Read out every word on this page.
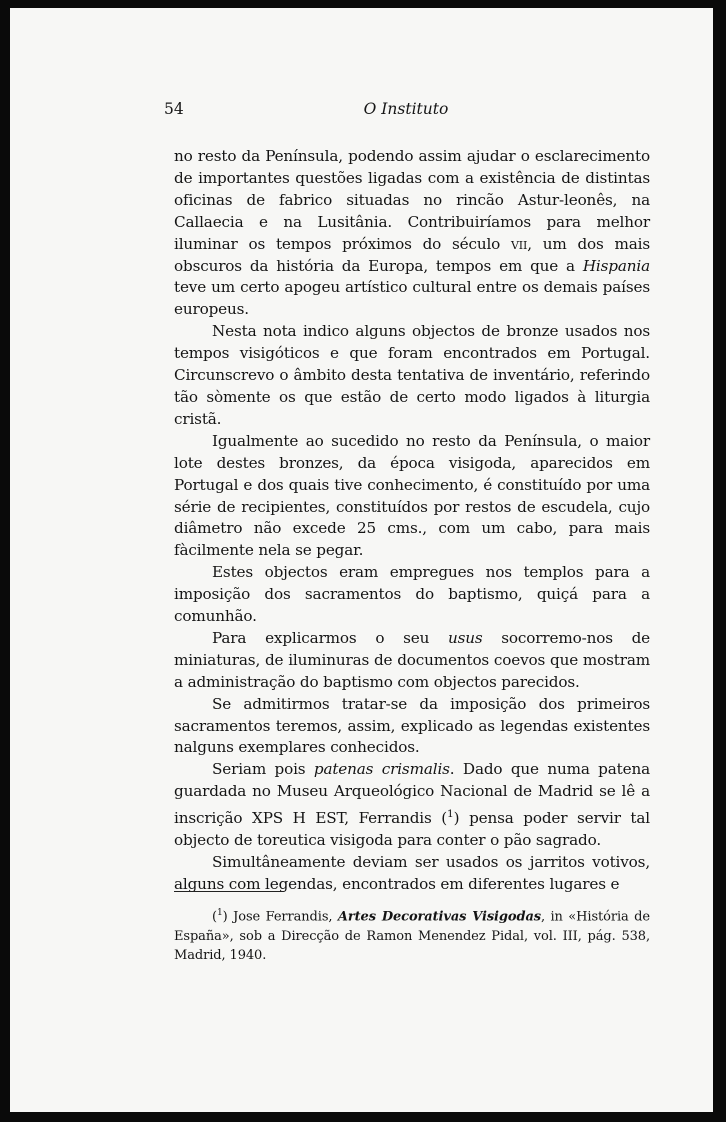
54	O Instituto

no resto da Península, podendo assim ajudar o esclarecimento de importantes questões ligadas com a existência de distintas oficinas de fabrico situadas no rincão Astur-leonês, na Callaecia e na Lusitânia. Contribuiríamos para melhor iluminar os tempos próximos do século vii, um dos mais obscuros da história da Europa, tempos em que a Hispania teve um certo apogeu artístico cultural entre os demais países europeus.

Nesta nota indico alguns objectos de bronze usados nos tempos visigóticos e que foram encontrados em Portugal. Circunscrevo o âmbito desta tentativa de inventário, referindo tão sòmente os que estão de certo modo ligados à liturgia cristã.

Igualmente ao sucedido no resto da Península, o maior lote destes bronzes, da época visigoda, aparecidos em Portugal e dos quais tive conhecimento, é constituído por uma série de recipientes, constituídos por restos de escudela, cujo diâmetro não excede 25 cms., com um cabo, para mais fàcilmente nela se pegar.

Estes objectos eram empregues nos templos para a imposição dos sacramentos do baptismo, quiçá para a comunhão.

Para explicarmos o seu usus socorremo-nos de miniaturas, de iluminuras de documentos coevos que mostram a administração do baptismo com objectos parecidos.

Se admitirmos tratar-se da imposição dos primeiros sacramentos teremos, assim, explicado as legendas existentes nalguns exemplares conhecidos.

Seriam pois patenas crismalis. Dado que numa patena guardada no Museu Arqueológico Nacional de Madrid se lê a inscrição XPS H EST, Ferrandis ($^1$) pensa poder servir tal objecto de toreutica visigoda para conter o pão sagrado.

Simultâneamente deviam ser usados os jarritos votivos, alguns com legendas, encontrados em diferentes lugares e

($^1$) Jose Ferrandis, Artes Decorativas Visigodas, in «História de España», sob a Direcção de Ramon Menendez Pidal, vol. III, pág. 538, Madrid, 1940.
